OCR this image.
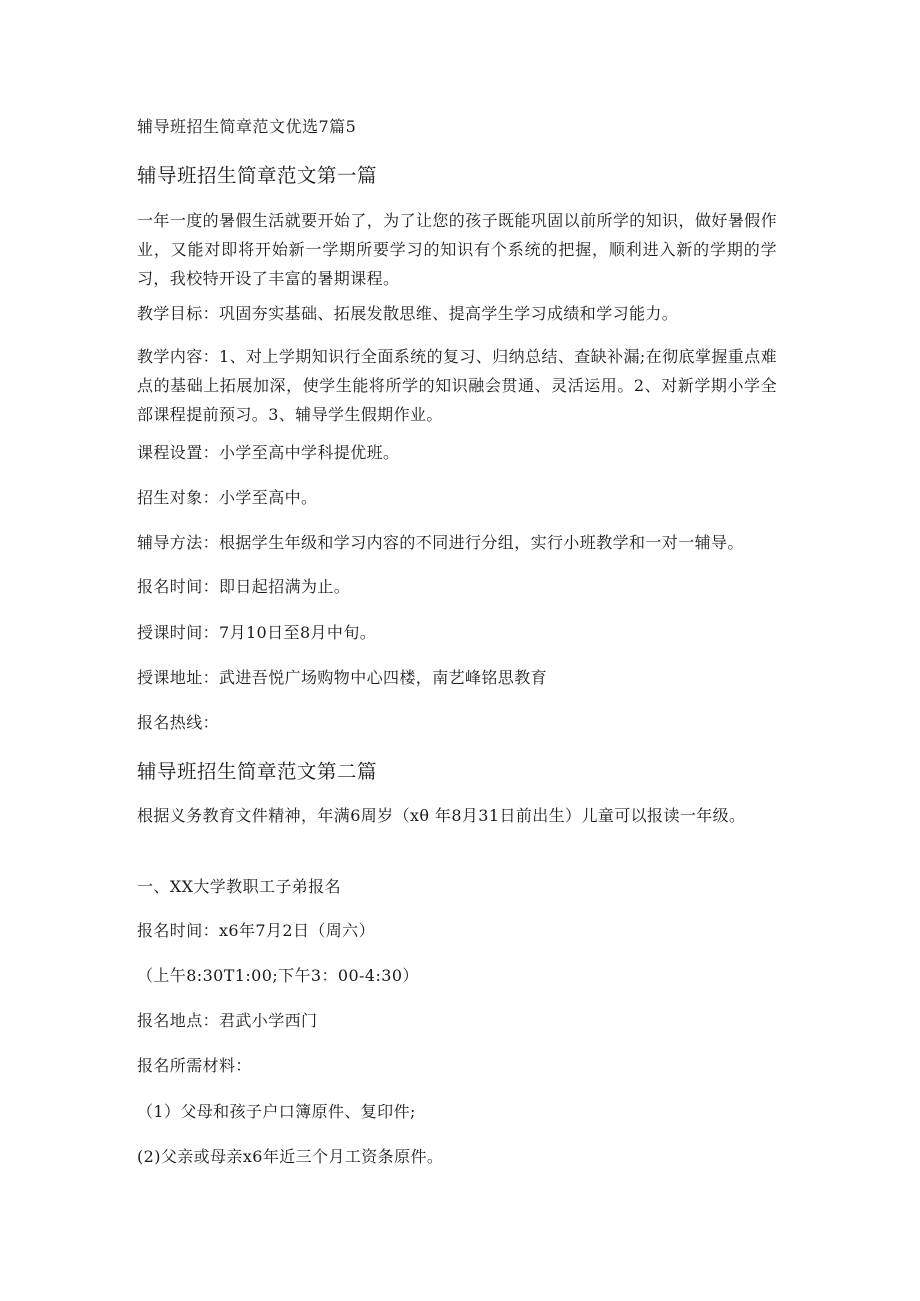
辅导班招生简章范文优选7篇5
辅导班招生简章范文第一篇
一年一度的暑假生活就要开始了，为了让您的孩子既能巩固以前所学的知识，做好暑假作业，又能对即将开始新一学期所要学习的知识有个系统的把握，顺利进入新的学期的学习，我校特开设了丰富的暑期课程。
教学目标：巩固夯实基础、拓展发散思维、提高学生学习成绩和学习能力。
教学内容：1、对上学期知识行全面系统的复习、归纳总结、查缺补漏;在彻底掌握重点难点的基础上拓展加深，使学生能将所学的知识融会贯通、灵活运用。2、对新学期小学全部课程提前预习。3、辅导学生假期作业。
课程设置：小学至高中学科提优班。
招生对象：小学至高中。
辅导方法：根据学生年级和学习内容的不同进行分组，实行小班教学和一对一辅导。
报名时间：即日起招满为止。
授课时间：7月10日至8月中旬。
授课地址：武进吾悦广场购物中心四楼，南艺峰铭思教育
报名热线：
辅导班招生简章范文第二篇
根据义务教育文件精神，年满6周岁（xθ 年8月31日前出生）儿童可以报读一年级。
一、XX大学教职工子弟报名
报名时间：x6年7月2日（周六）
（上午8:30T1:00;下午3：00-4:30）
报名地点：君武小学西门
报名所需材料：
（1）父母和孩子户口簿原件、复印件;
(2)父亲或母亲x6年近三个月工资条原件。
